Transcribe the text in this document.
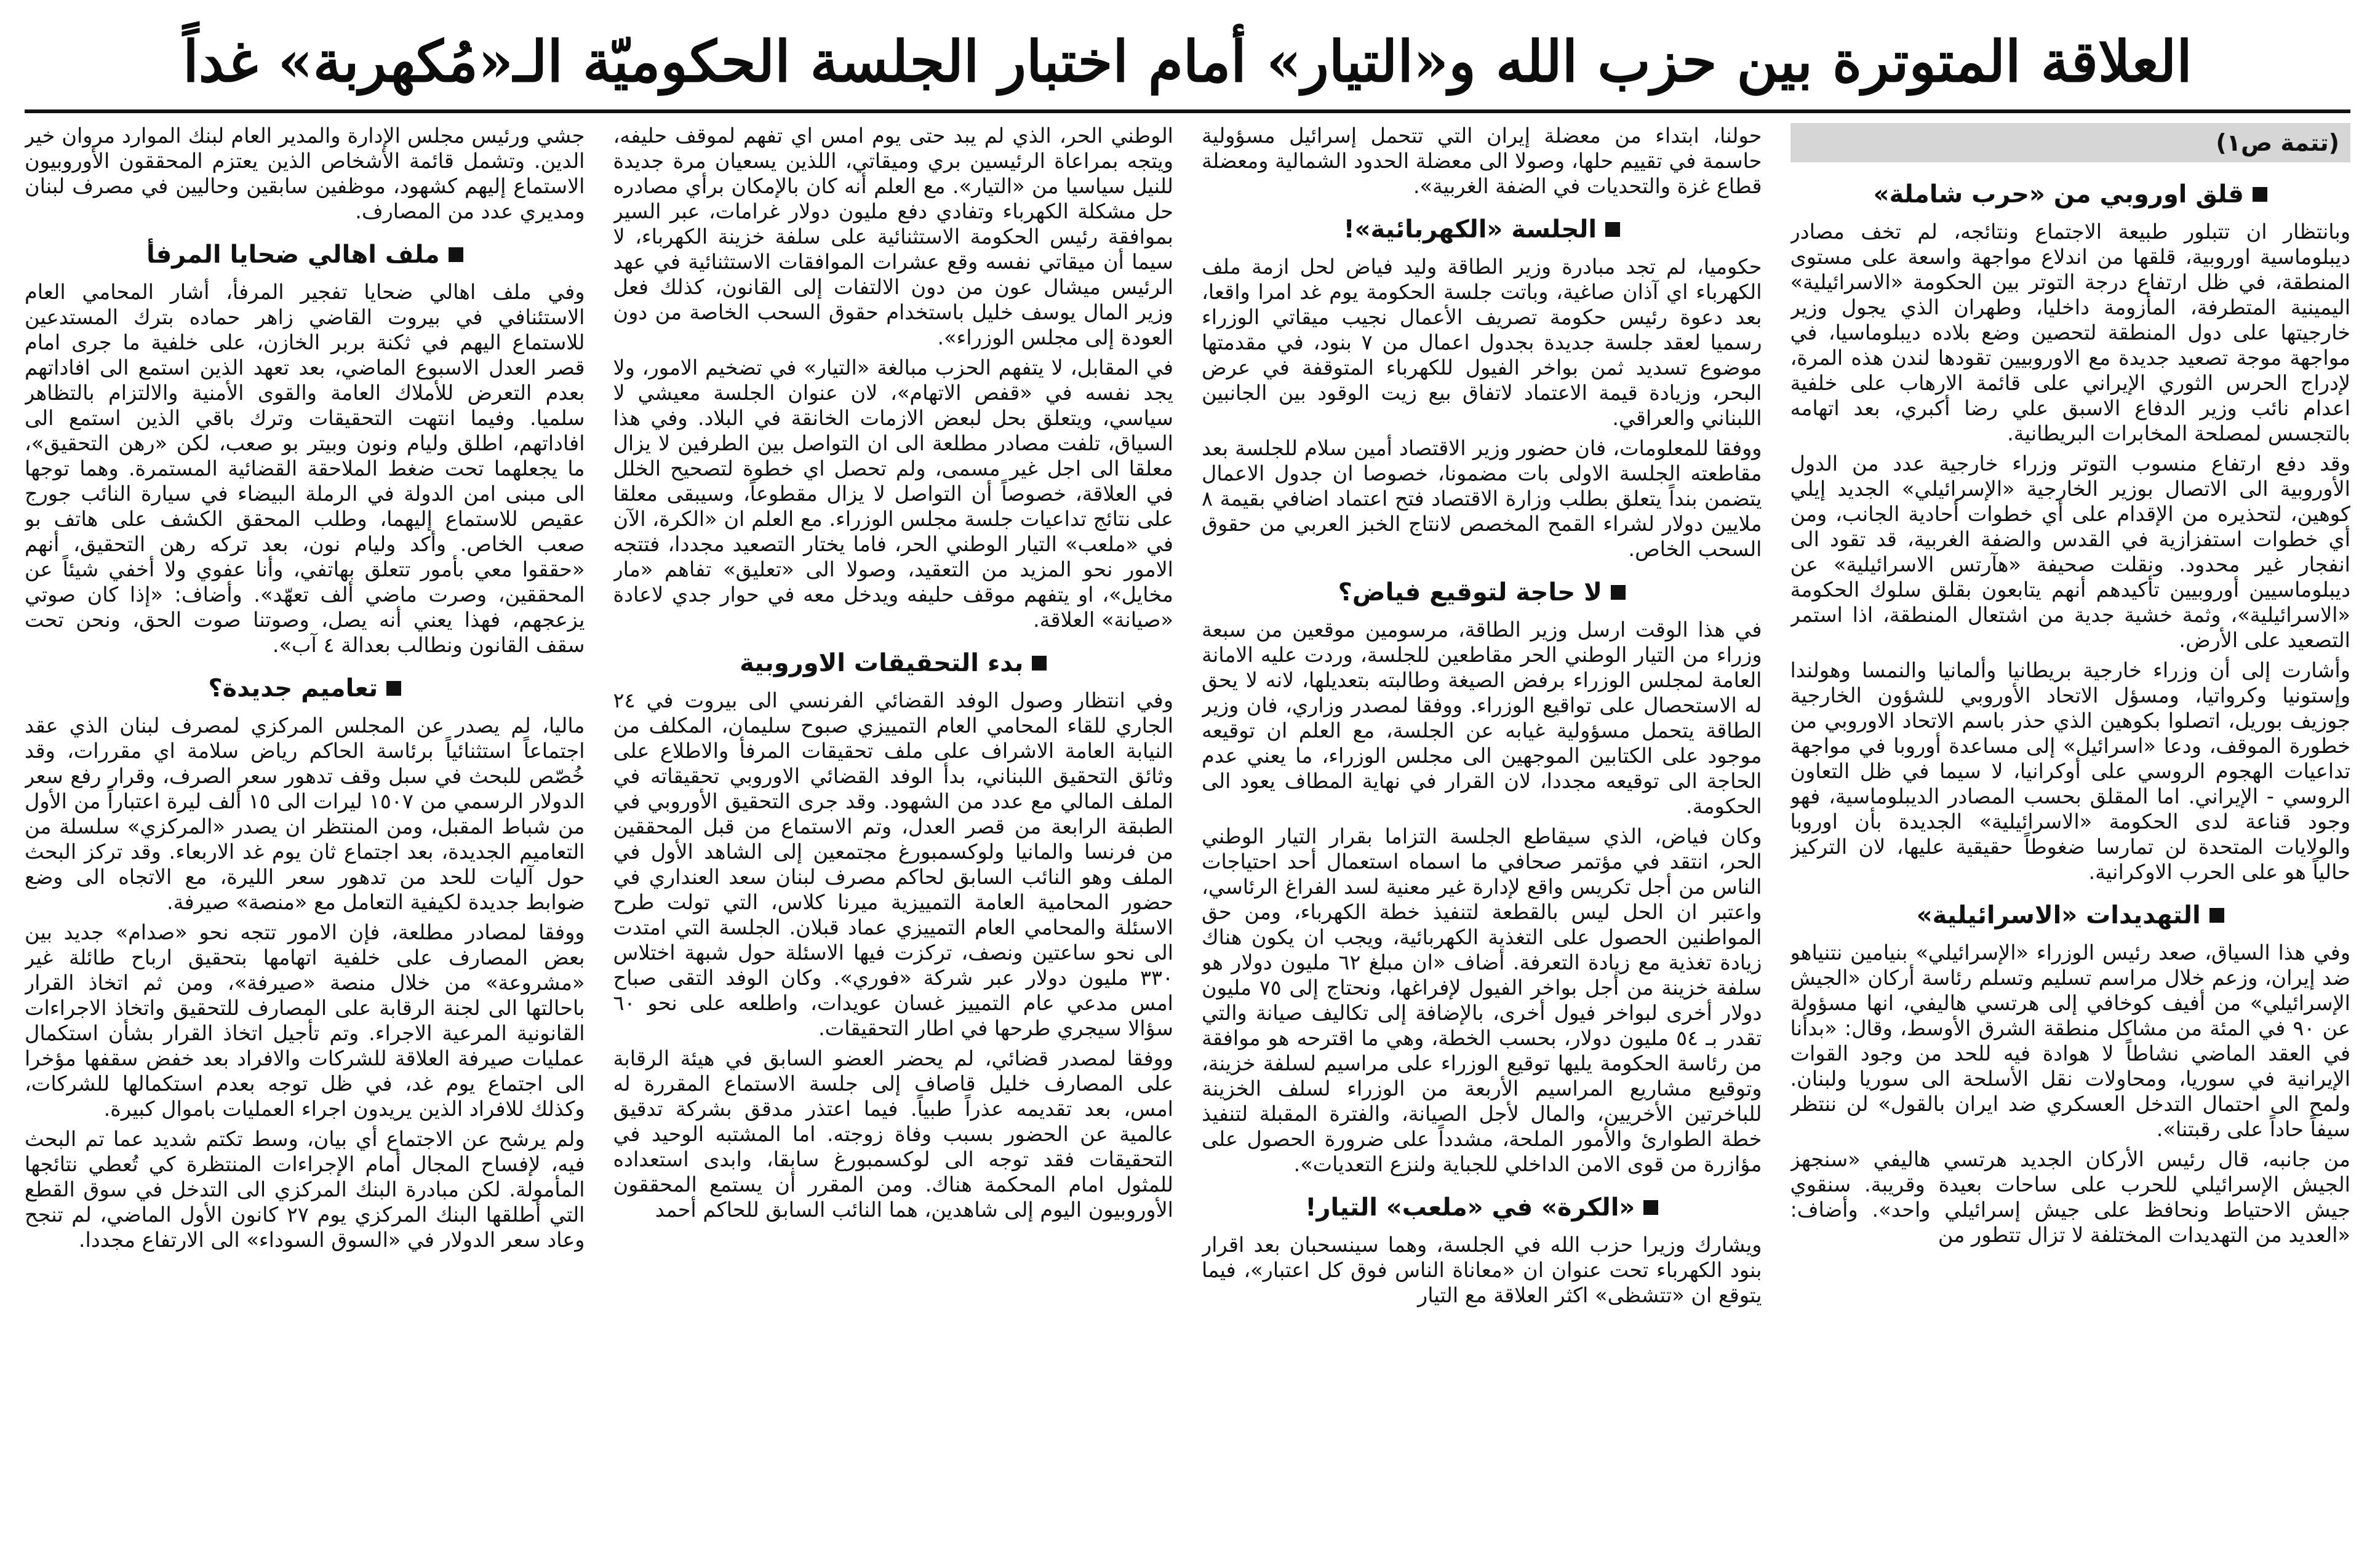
العلاقة المتوترة بين حزب الله و«التيار» أمام اختبار الجلسة الحكوميّة الـ«مُكهربة» غداً
(تتمة ص١)
قلق اوروبي من «حرب شاملة»

وبانتظار ان تتبلور طبيعة الاجتماع ونتائجه، لم تخف مصادر ديبلوماسية اوروبية، قلقها من اندلاع مواجهة واسعة على مستوى المنطقة، في ظل ارتفاع درجة التوتر بين الحكومة «الاسرائيلية» اليمينية المتطرفة، المأزومة داخليا، وطهران الذي يجول وزير خارجيتها على دول المنطقة لتحصين وضع بلاده ديبلوماسيا، في مواجهة موجة تصعيد جديدة مع الاوروبيين تقودها لندن هذه المرة، لإدراج الحرس الثوري الإيراني على قائمة الارهاب على خلفية اعدام نائب وزير الدفاع الاسبق علي رضا أكبري، بعد اتهامه بالتجسس لمصلحة المخابرات البريطانية.

وقد دفع ارتفاع منسوب التوتر وزراء خارجية عدد من الدول الأوروبية الى الاتصال بوزير الخارجية «الإسرائيلي» الجديد إيلي كوهين، لتحذيره من الإقدام على أي خطوات أحادية الجانب، ومن أي خطوات استفزازية في القدس والضفة الغربية، قد تقود الى انفجار غير محدود. ونقلت صحيفة «هآرتس الاسرائيلية» عن ديبلوماسيين أوروبيين تأكيدهم أنهم يتابعون بقلق سلوك الحكومة «الاسرائيلية»، وثمة خشية جدية من اشتعال المنطقة، اذا استمر التصعيد على الأرض.

وأشارت إلى أن وزراء خارجية بريطانيا وألمانيا والنمسا وهولندا وإستونيا وكرواتيا، ومسؤل الاتحاد الأوروبي للشؤون الخارجية جوزيف بوريل، اتصلوا بكوهين الذي حذر باسم الاتحاد الاوروبي من خطورة الموقف، ودعا «اسرائيل» إلى مساعدة أوروبا في مواجهة تداعيات الهجوم الروسي على أوكرانيا، لا سيما في ظل التعاون الروسي - الإيراني. اما المقلق بحسب المصادر الديبلوماسية، فهو وجود قناعة لدى الحكومة «الاسرائيلية» الجديدة بأن اوروبا والولايات المتحدة لن تمارسا ضغوطاً حقيقية عليها، لان التركيز حالياً هو على الحرب الاوكرانية.

التهديدات «الاسرائيلية»

وفي هذا السياق، صعد رئيس الوزراء «الإسرائيلي» بنيامين نتنياهو ضد إيران، وزعم خلال مراسم تسليم وتسلم رئاسة أركان «الجيش الإسرائيلي» من أفيف كوخافي إلى هرتسي هاليفي، انها مسؤولة عن ٩٠ في المئة من مشاكل منطقة الشرق الأوسط، وقال: «بدأنا في العقد الماضي نشاطاً لا هوادة فيه للحد من وجود القوات الإيرانية في سوريا، ومحاولات نقل الأسلحة الى سوريا ولبنان. ولمح الى احتمال التدخل العسكري ضد ايران بالقول» لن ننتظر سيفاً حاداً على رقبتنا».

من جانبه، قال رئيس الأركان الجديد هرتسي هاليفي «سنجهز الجيش الإسرائيلي للحرب على ساحات بعيدة وقريبة. سنقوي جيش الاحتياط ونحافظ على جيش إسرائيلي واحد». وأضاف: «العديد من التهديدات المختلفة لا تزال تتطور من

حولنا، ابتداء من معضلة إيران التي تتحمل إسرائيل مسؤولية حاسمة في تقييم حلها، وصولا الى معضلة الحدود الشمالية ومعضلة قطاع غزة والتحديات في الضفة الغربية».

الجلسة «الكهربائية»!

حكوميا، لم تجد مبادرة وزير الطاقة وليد فياض لحل ازمة ملف الكهرباء اي آذان صاغية، وباتت جلسة الحكومة يوم غد امرا واقعا، بعد دعوة رئيس حكومة تصريف الأعمال نجيب ميقاتي الوزراء رسميا لعقد جلسة جديدة بجدول اعمال من ٧ بنود، في مقدمتها موضوع تسديد ثمن بواخر الفيول للكهرباء المتوقفة في عرض البحر، وزيادة قيمة الاعتماد لاتفاق بيع زيت الوقود بين الجانبين اللبناني والعراقي.

ووفقا للمعلومات، فان حضور وزير الاقتصاد أمين سلام للجلسة بعد مقاطعته الجلسة الاولى بات مضمونا، خصوصا ان جدول الاعمال يتضمن بنداً يتعلق بطلب وزارة الاقتصاد فتح اعتماد اضافي بقيمة ٨ ملايين دولار لشراء القمح المخصص لانتاج الخبز العربي من حقوق السحب الخاص.

لا حاجة لتوقيع فياض؟

في هذا الوقت ارسل وزير الطاقة، مرسومين موقعين من سبعة وزراء من التيار الوطني الحر مقاطعين للجلسة، وردت عليه الامانة العامة لمجلس الوزراء برفض الصيغة وطالبته بتعديلها، لانه لا يحق له الاستحصال على تواقيع الوزراء. ووفقا لمصدر وزاري، فان وزير الطاقة يتحمل مسؤولية غيابه عن الجلسة، مع العلم ان توقيعه موجود على الكتابين الموجهين الى مجلس الوزراء، ما يعني عدم الحاجة الى توقيعه مجددا، لان القرار في نهاية المطاف يعود الى الحكومة.

وكان فياض، الذي سيقاطع الجلسة التزاما بقرار التيار الوطني الحر، انتقد في مؤتمر صحافي ما اسماه استعمال أحد احتياجات الناس من أجل تكريس واقع لإدارة غير معنية لسد الفراغ الرئاسي، واعتبر ان الحل ليس بالقطعة لتنفيذ خطة الكهرباء، ومن حق المواطنين الحصول على التغذية الكهربائية، ويجب ان يكون هناك زيادة تغذية مع زيادة التعرفة. أضاف «ان مبلغ ٦٢ مليون دولار هو سلفة خزينة من أجل بواخر الفيول لإفراغها، ونحتاج إلى ٧٥ مليون دولار أخرى لبواخر فيول أخرى، بالإضافة إلى تكاليف صيانة والتي تقدر بـ ٥٤ مليون دولار، بحسب الخطة، وهي ما اقترحه هو موافقة من رئاسة الحكومة يليها توقيع الوزراء على مراسيم لسلفة خزينة، وتوقيع مشاريع المراسيم الأربعة من الوزراء لسلف الخزينة للباخرتين الأخريين، والمال لأجل الصيانة، والفترة المقبلة لتنفيذ خطة الطوارئ والأمور الملحة، مشدداً على ضرورة الحصول على مؤازرة من قوى الامن الداخلي للجباية ولنزع التعديات».

«الكرة» في «ملعب» التيار!

ويشارك وزيرا حزب الله في الجلسة، وهما سينسحبان بعد اقرار بنود الكهرباء تحت عنوان ان «معاناة الناس فوق كل اعتبار»، فيما يتوقع ان «تتشظى» اكثر العلاقة مع التيار

الوطني الحر، الذي لم يبد حتى يوم امس اي تفهم لموقف حليفه، ويتجه بمراعاة الرئيسين بري وميقاتي، اللذين يسعيان مرة جديدة للنيل سياسيا من «التيار». مع العلم أنه كان بالإمكان برأي مصادره حل مشكلة الكهرباء وتفادي دفع مليون دولار غرامات، عبر السير بموافقة رئيس الحكومة الاستثنائية على سلفة خزينة الكهرباء، لا سيما أن ميقاتي نفسه وقع عشرات الموافقات الاستثنائية في عهد الرئيس ميشال عون من دون الالتفات إلى القانون، كذلك فعل وزير المال يوسف خليل باستخدام حقوق السحب الخاصة من دون العودة إلى مجلس الوزراء».

في المقابل، لا يتفهم الحزب مبالغة «التيار» في تضخيم الامور، ولا يجد نفسه في «قفص الاتهام»، لان عنوان الجلسة معيشي لا سياسي، ويتعلق بحل لبعض الازمات الخانقة في البلاد. وفي هذا السياق، تلفت مصادر مطلعة الى ان التواصل بين الطرفين لا يزال معلقا الى اجل غير مسمى، ولم تحصل اي خطوة لتصحيح الخلل في العلاقة، خصوصاً أن التواصل لا يزال مقطوعاً، وسيبقى معلقا على نتائج تداعيات جلسة مجلس الوزراء. مع العلم ان «الكرة، الآن في «ملعب» التيار الوطني الحر، فاما يختار التصعيد مجددا، فتتجه الامور نحو المزيد من التعقيد، وصولا الى «تعليق» تفاهم «مار مخايل»، او يتفهم موقف حليفه ويدخل معه في حوار جدي لاعادة «صيانة» العلاقة.

بدء التحقيقات الاوروبية

وفي انتظار وصول الوفد القضائي الفرنسي الى بيروت في ٢٤ الجاري للقاء المحامي العام التمييزي صبوح سليمان، المكلف من النيابة العامة الاشراف على ملف تحقيقات المرفأ والاطلاع على وثائق التحقيق اللبناني، بدأ الوفد القضائي الاوروبي تحقيقاته في الملف المالي مع عدد من الشهود. وقد جرى التحقيق الأوروبي في الطبقة الرابعة من قصر العدل، وتم الاستماع من قبل المحققين من فرنسا والمانيا ولوكسمبورغ مجتمعين إلى الشاهد الأول في الملف وهو النائب السابق لحاكم مصرف لبنان سعد العنداري في حضور المحامية العامة التمييزية ميرنا كلاس، التي تولت طرح الاسئلة والمحامي العام التمييزي عماد قبلان. الجلسة التي امتدت الى نحو ساعتين ونصف، تركزت فيها الاسئلة حول شبهة اختلاس ٣٣٠ مليون دولار عبر شركة «فوري». وكان الوفد التقى صباح امس مدعي عام التمييز غسان عويدات، واطلعه على نحو ٦٠ سؤالا سيجري طرحها في اطار التحقيقات.

ووفقا لمصدر قضائي، لم يحضر العضو السابق في هيئة الرقابة على المصارف خليل قاصاف إلى جلسة الاستماع المقررة له امس، بعد تقديمه عذراً طبياً. فيما اعتذر مدقق بشركة تدقيق عالمية عن الحضور بسبب وفاة زوجته. اما المشتبه الوحيد في التحقيقات فقد توجه الى لوكسمبورغ سابقا، وابدى استعداده للمثول امام المحكمة هناك. ومن المقرر أن يستمع المحققون الأوروبيون اليوم إلى شاهدين، هما النائب السابق للحاكم أحمد

جشي ورئيس مجلس الإدارة والمدير العام لبنك الموارد مروان خير الدين. وتشمل قائمة الأشخاص الذين يعتزم المحققون الأوروبيون الاستماع إليهم كشهود، موظفين سابقين وحاليين في مصرف لبنان ومديري عدد من المصارف.

ملف اهالي ضحايا المرفأ

وفي ملف اهالي ضحايا تفجير المرفأ، أشار المحامي العام الاستئنافي في بيروت القاضي زاهر حماده بترك المستدعين للاستماع اليهم في ثكنة بربر الخازن، على خلفية ما جرى امام قصر العدل الاسبوع الماضي، بعد تعهد الذين استمع الى افاداتهم بعدم التعرض للأملاك العامة والقوى الأمنية والالتزام بالتظاهر سلميا. وفيما انتهت التحقيقات وترك باقي الذين استمع الى افاداتهم، اطلق وليام ونون وبيتر بو صعب، لكن «رهن التحقيق»، ما يجعلهما تحت ضغط الملاحقة القضائية المستمرة. وهما توجها الى مبنى امن الدولة في الرملة البيضاء في سيارة النائب جورج عقيص للاستماع إليهما، وطلب المحقق الكشف على هاتف بو صعب الخاص. وأكد وليام نون، بعد تركه رهن التحقيق، أنهم «حققوا معي بأمور تتعلق بهاتفي، وأنا عفوي ولا أخفي شيئاً عن المحققين، وصرت ماضي ألف تعهّد». وأضاف: «إذا كان صوتي يزعجهم، فهذا يعني أنه يصل، وصوتنا صوت الحق، ونحن تحت سقف القانون ونطالب بعدالة ٤ آب».

تعاميم جديدة؟

ماليا، لم يصدر عن المجلس المركزي لمصرف لبنان الذي عقد اجتماعاً استثنائياً برئاسة الحاكم رياض سلامة اي مقررات، وقد خُصّص للبحث في سبل وقف تدهور سعر الصرف، وقرار رفع سعر الدولار الرسمي من ١٥٠٧ ليرات الى ١٥ ألف ليرة اعتباراً من الأول من شباط المقبل، ومن المنتظر ان يصدر «المركزي» سلسلة من التعاميم الجديدة، بعد اجتماع ثان يوم غد الاربعاء. وقد تركز البحث حول آليات للحد من تدهور سعر الليرة، مع الاتجاه الى وضع ضوابط جديدة لكيفية التعامل مع «منصة» صيرفة.

ووفقا لمصادر مطلعة، فإن الامور تتجه نحو «صدام» جديد بين بعض المصارف على خلفية اتهامها بتحقيق ارباح طائلة غير «مشروعة» من خلال منصة «صيرفة»، ومن ثم اتخاذ القرار باحالتها الى لجنة الرقابة على المصارف للتحقيق واتخاذ الاجراءات القانونية المرعية الاجراء. وتم تأجيل اتخاذ القرار بشأن استكمال عمليات صيرفة العلاقة للشركات والافراد بعد خفض سقفها مؤخرا الى اجتماع يوم غد، في ظل توجه بعدم استكمالها للشركات، وكذلك للافراد الذين يريدون اجراء العمليات باموال كبيرة.

ولم يرشح عن الاجتماع أي بيان، وسط تكتم شديد عما تم البحث فيه، لإفساح المجال أمام الإجراءات المنتظرة كي تُعطي نتائجها المأمولة. لكن مبادرة البنك المركزي الى التدخل في سوق القطع التي أطلقها البنك المركزي يوم ٢٧ كانون الأول الماضي، لم تنجح وعاد سعر الدولار في «السوق السوداء» الى الارتفاع مجددا.
